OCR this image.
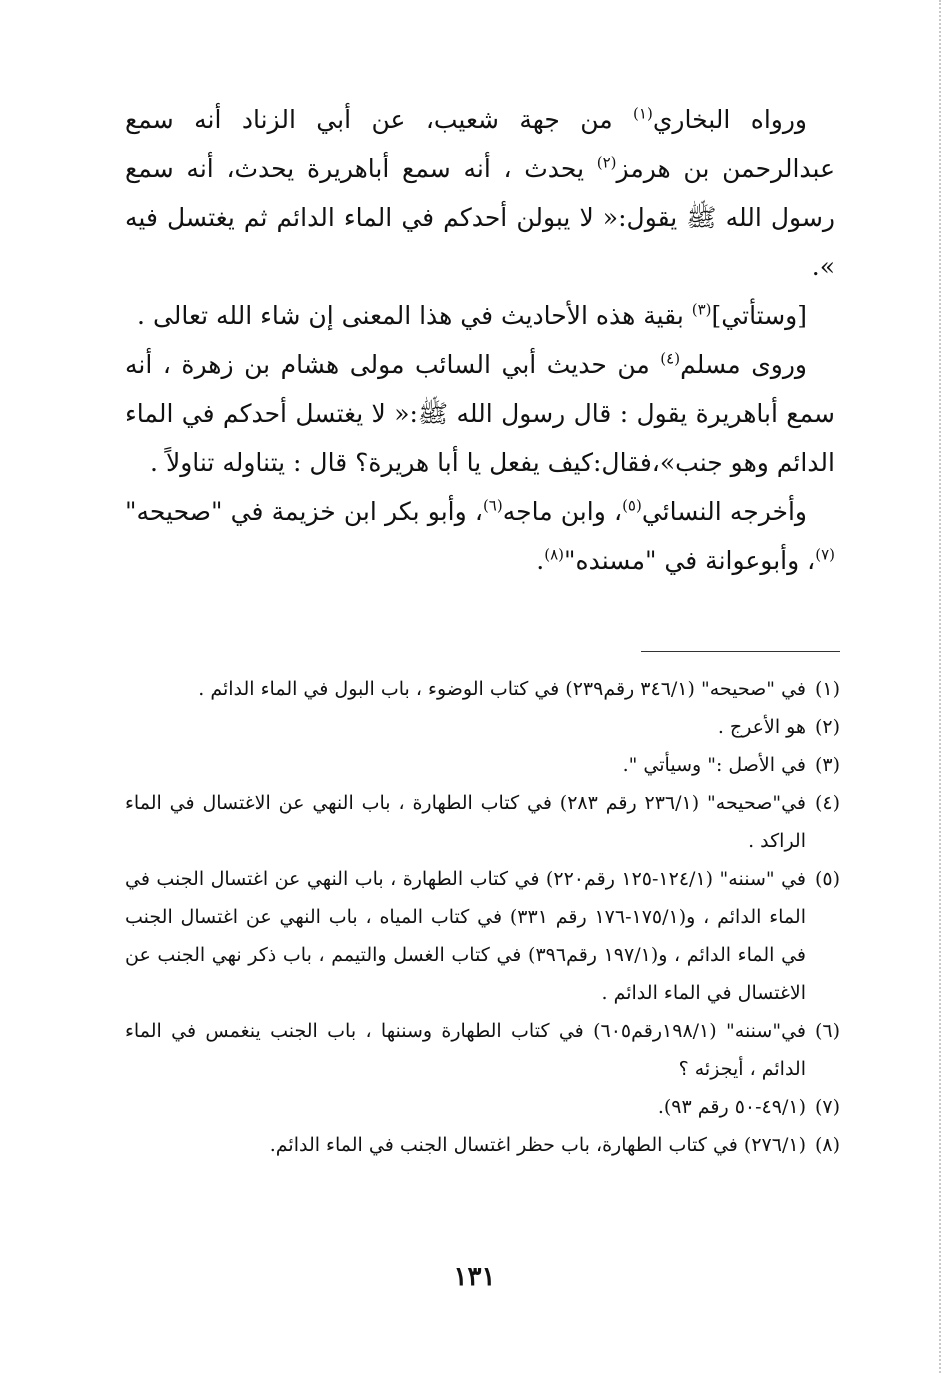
ورواه البخاري$^{(١)}$ من جهة شعيب، عن أبي الزناد أنه سمع عبدالرحمن بن هرمز$^{(٢)}$ يحدث ، أنه سمع أباهريرة يحدث، أنه سمع رسول الله ﷺ يقول:« لا يبولن أحدكم في الماء الدائم ثم يغتسل فيه ».

[وستأتي]$^{(٣)}$ بقية هذه الأحاديث في هذا المعنى إن شاء الله تعالى .

وروى مسلم$^{(٤)}$ من حديث أبي السائب مولى هشام بن زهرة ، أنه سمع أباهريرة يقول : قال رسول الله ﷺ:« لا يغتسل أحدكم في الماء الدائم وهو جنب»،فقال:كيف يفعل يا أبا هريرة؟ قال : يتناوله تناولاً .

وأخرجه النسائي$^{(٥)}$، وابن ماجه$^{(٦)}$، وأبو بكر ابن خزيمة في "صحيحه"$^{(٧)}$، وأبوعوانة في "مسنده"$^{(٨)}$.

(١)
في "صحيحه" (٣٤٦/١ رقم٢٣٩) في كتاب الوضوء ، باب البول في الماء الدائم .
(٢)
هو الأعرج .
(٣)
في الأصل :" وسيأتي ".
(٤)
في"صحيحه" (٢٣٦/١ رقم ٢٨٣) في كتاب الطهارة ، باب النهي عن الاغتسال في الماء الراكد .
(٥)
في "سننه" (١٢٤/١-١٢٥ رقم٢٢٠) في كتاب الطهارة ، باب النهي عن اغتسال الجنب في الماء الدائم ، و(١٧٥/١-١٧٦ رقم ٣٣١) في كتاب المياه ، باب النهي عن اغتسال الجنب في الماء الدائم ، و(١٩٧/١ رقم٣٩٦) في كتاب الغسل والتيمم ، باب ذكر نهي الجنب عن الاغتسال في الماء الدائم .
(٦)
في"سننه" (١٩٨/١رقم٦٠٥) في كتاب الطهارة وسننها ، باب الجنب ينغمس في الماء الدائم ، أيجزئه ؟
(٧)
(٤٩/١-٥٠ رقم ٩٣).
(٨)
(٢٧٦/١) في كتاب الطهارة، باب حظر اغتسال الجنب في الماء الدائم.
١٣١
